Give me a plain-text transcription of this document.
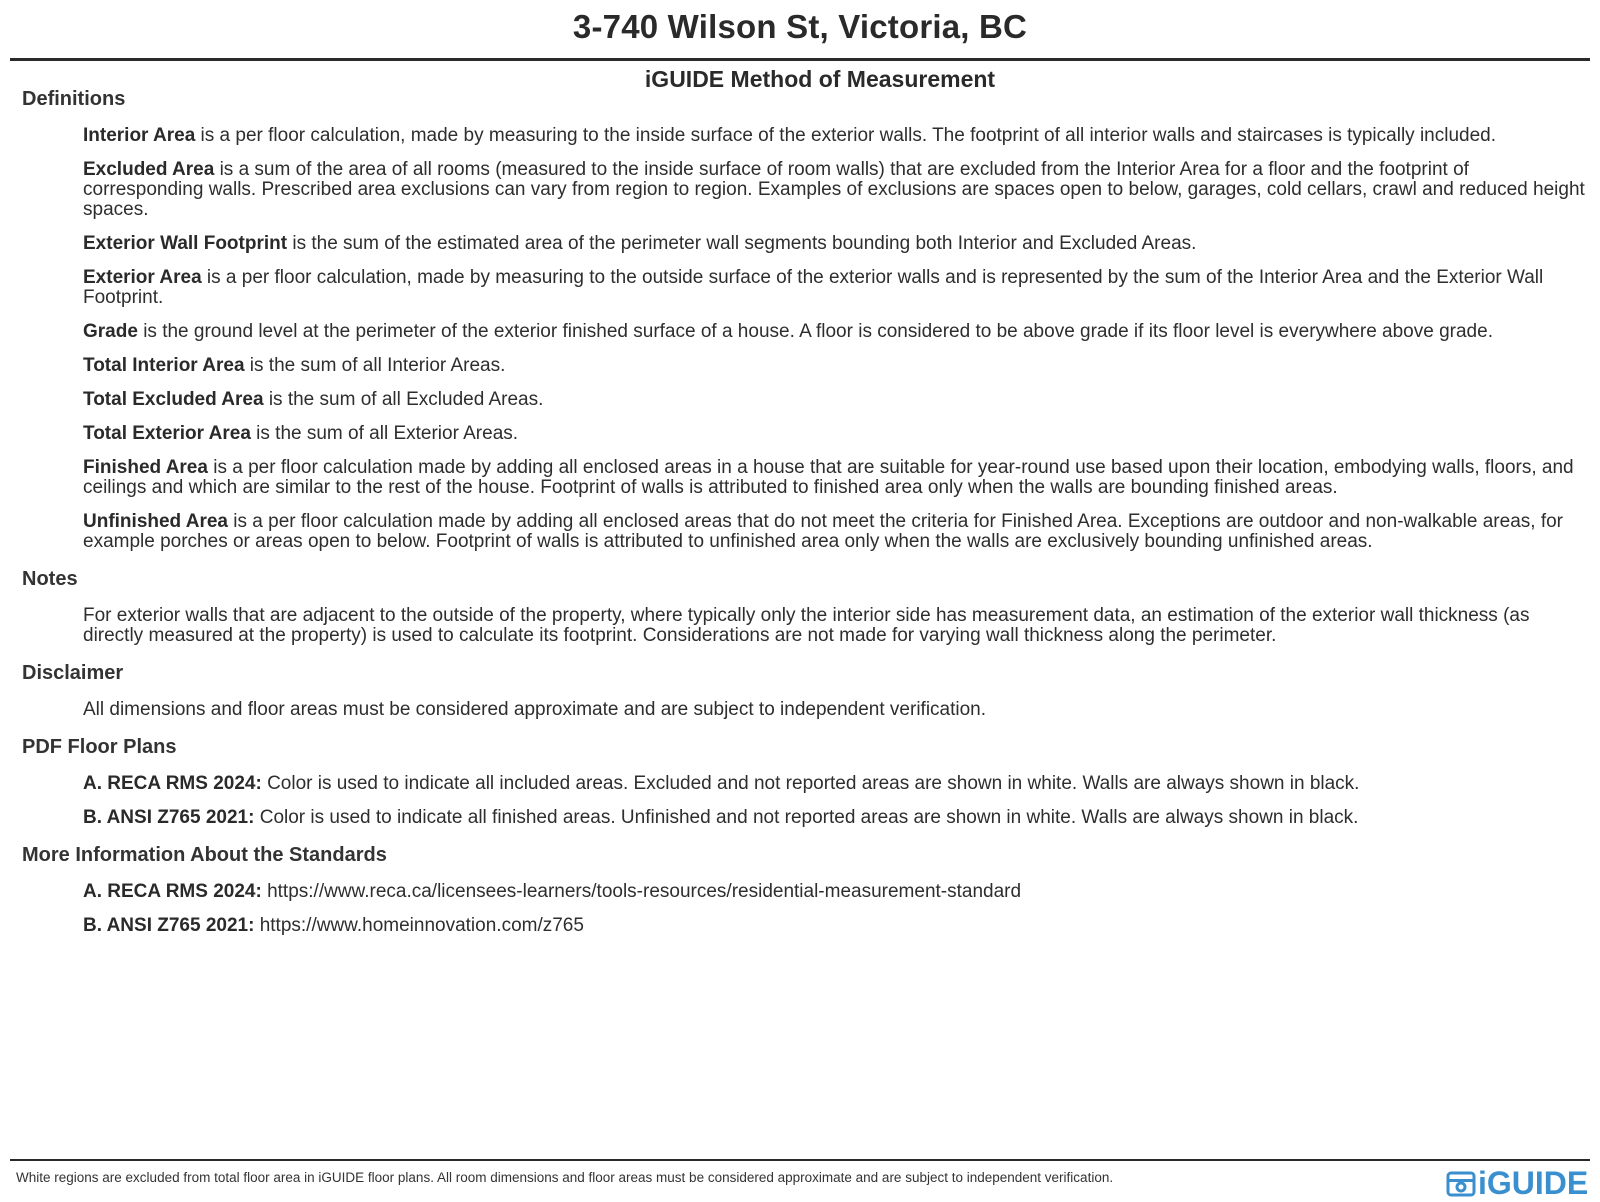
3-740 Wilson St, Victoria, BC
iGUIDE Method of Measurement
Definitions

Interior Area is a per floor calculation, made by measuring to the inside surface of the exterior walls. The footprint of all interior walls and staircases is typically included.

Excluded Area is a sum of the area of all rooms (measured to the inside surface of room walls) that are excluded from the Interior Area for a floor and the footprint of corresponding walls. Prescribed area exclusions can vary from region to region. Examples of exclusions are spaces open to below, garages, cold cellars, crawl and reduced height spaces.

Exterior Wall Footprint is the sum of the estimated area of the perimeter wall segments bounding both Interior and Excluded Areas.

Exterior Area is a per floor calculation, made by measuring to the outside surface of the exterior walls and is represented by the sum of the Interior Area and the Exterior Wall Footprint.

Grade is the ground level at the perimeter of the exterior finished surface of a house. A floor is considered to be above grade if its floor level is everywhere above grade.

Total Interior Area is the sum of all Interior Areas.

Total Excluded Area is the sum of all Excluded Areas.

Total Exterior Area is the sum of all Exterior Areas.

Finished Area is a per floor calculation made by adding all enclosed areas in a house that are suitable for year-round use based upon their location, embodying walls, floors, and ceilings and which are similar to the rest of the house. Footprint of walls is attributed to finished area only when the walls are bounding finished areas.

Unfinished Area is a per floor calculation made by adding all enclosed areas that do not meet the criteria for Finished Area. Exceptions are outdoor and non-walkable areas, for example porches or areas open to below. Footprint of walls is attributed to unfinished area only when the walls are exclusively bounding unfinished areas.

Notes

For exterior walls that are adjacent to the outside of the property, where typically only the interior side has measurement data, an estimation of the exterior wall thickness (as directly measured at the property) is used to calculate its footprint. Considerations are not made for varying wall thickness along the perimeter.

Disclaimer

All dimensions and floor areas must be considered approximate and are subject to independent verification.

PDF Floor Plans

A. RECA RMS 2024: Color is used to indicate all included areas. Excluded and not reported areas are shown in white. Walls are always shown in black.

B. ANSI Z765 2021: Color is used to indicate all finished areas. Unfinished and not reported areas are shown in white. Walls are always shown in black.

More Information About the Standards

A. RECA RMS 2024: https://www.reca.ca/licensees-learners/tools-resources/residential-measurement-standard

B. ANSI Z765 2021: https://www.homeinnovation.com/z765

White regions are excluded from total floor area in iGUIDE floor plans. All room dimensions and floor areas must be considered approximate and are subject to independent verification.	iGUIDE
